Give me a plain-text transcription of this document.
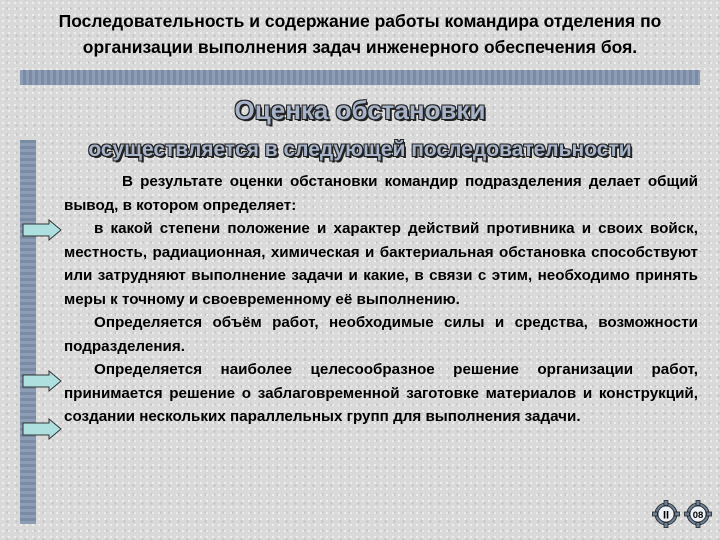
Последовательность и содержание работы командира отделения по организации выполнения задач инженерного обеспечения боя.
Оценка обстановки
осуществляется в следующей последовательности

В результате оценки обстановки командир подразделения делает общий вывод, в котором определяет:

в какой степени положение и характер действий противника и своих войск, местность, радиационная, химическая и бактериальная обстановка способствуют или затрудняют выполнение задачи и какие, в связи с этим, необходимо принять меры к точному и своевременному её выполнению.

Определяется объём работ, необходимые силы и средства, возможности подразделения.

Определяется наиболее целесообразное решение организации работ, принимается решение о заблаговременной заготовке материалов и конструкций, создании нескольких параллельных групп для выполнения задачи.

II 08
